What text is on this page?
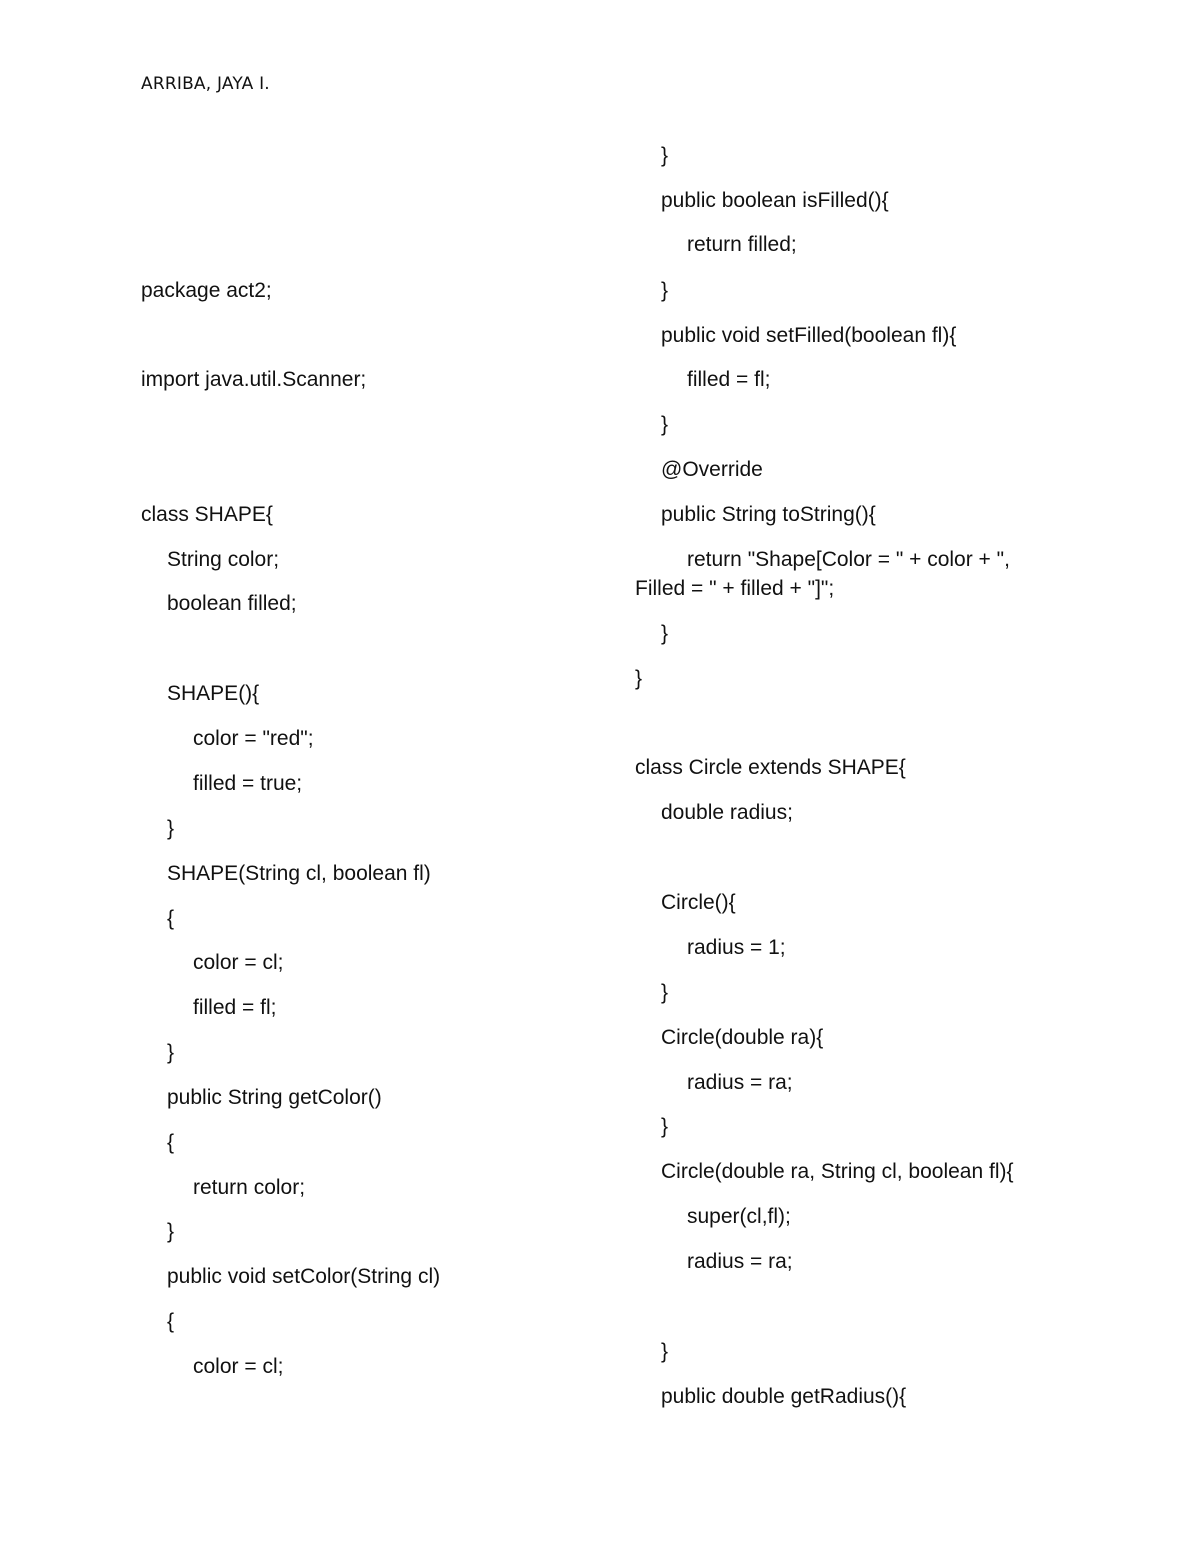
ARRIBA, JAYA I.
package act2;
import java.util.Scanner;
class SHAPE{
String color;
boolean filled;
SHAPE(){
color = "red";
filled = true;
}
SHAPE(String cl, boolean fl)
{
color = cl;
filled = fl;
}
public String getColor()
{
return color;
}
public void setColor(String cl)
{
color = cl;
}
public boolean isFilled(){
return filled;
}
public void setFilled(boolean fl){
filled = fl;
}
@Override
public String toString(){
return "Shape[Color = " + color + ",
Filled = " + filled + "]";
}
}
class Circle extends SHAPE{
double radius;
Circle(){
radius = 1;
}
Circle(double ra){
radius = ra;
}
Circle(double ra, String cl, boolean fl){
super(cl,fl);
radius = ra;
}
public double getRadius(){
